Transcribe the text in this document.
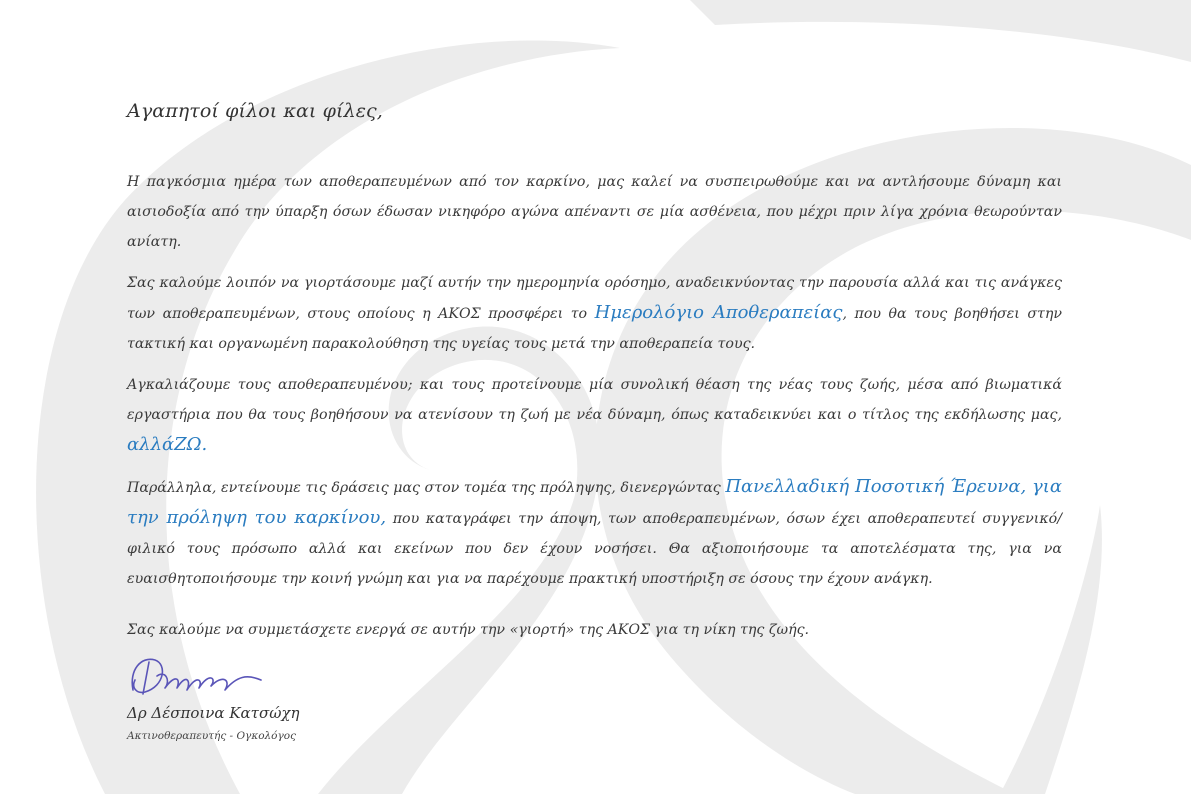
Αγαπητοί φίλοι και φίλες,

Η παγκόσμια ημέρα των αποθεραπευμένων από τον καρκίνο, μας καλεί να συσπειρωθούμε και να αντλήσουμε δύναμη και αισιοδοξία από την ύπαρξη όσων έδωσαν νικηφόρο αγώνα απέναντι σε μία ασθένεια, που μέχρι πριν λίγα χρόνια θεωρούνταν ανίατη.

Σας καλούμε λοιπόν να γιορτάσουμε μαζί αυτήν την ημερομηνία ορόσημο, αναδεικνύοντας την παρουσία αλλά και τις ανάγκες των αποθεραπευμένων, στους οποίους η ΑΚΟΣ προσφέρει το Ημερολόγιο Αποθεραπείας, που θα τους βοηθήσει στην τακτική και οργανωμένη παρακολούθηση της υγείας τους μετά την αποθεραπεία τους.

Αγκαλιάζουμε τους αποθεραπευμένου; και τους προτείνουμε μία συνολική θέαση της νέας τους ζωής, μέσα από βιωματικά εργαστήρια που θα τους βοηθήσουν να ατενίσουν τη ζωή με νέα δύναμη, όπως καταδεικνύει και ο τίτλος της εκδήλωσης μας, αλλάΖΩ.

Παράλληλα, εντείνουμε τις δράσεις μας στον τομέα της πρόληψης, διενεργώντας Πανελλαδική Ποσοτική Έρευνα, για την πρόληψη του καρκίνου, που καταγράφει την άποψη, των αποθεραπευμένων, όσων έχει αποθεραπευτεί συγγενικό/φιλικό τους πρόσωπο αλλά και εκείνων που δεν έχουν νοσήσει. Θα αξιοποιήσουμε τα αποτελέσματα της, για να ευαισθητοποιήσουμε την κοινή γνώμη και για να παρέχουμε πρακτική υποστήριξη σε όσους την έχουν ανάγκη.

Σας καλούμε να συμμετάσχετε ενεργά σε αυτήν την «γιορτή» της ΑΚΟΣ για τη νίκη της ζωής.
Δρ Δέσποινα Κατσώχη
Ακτινοθεραπευτής - Ογκολόγος
